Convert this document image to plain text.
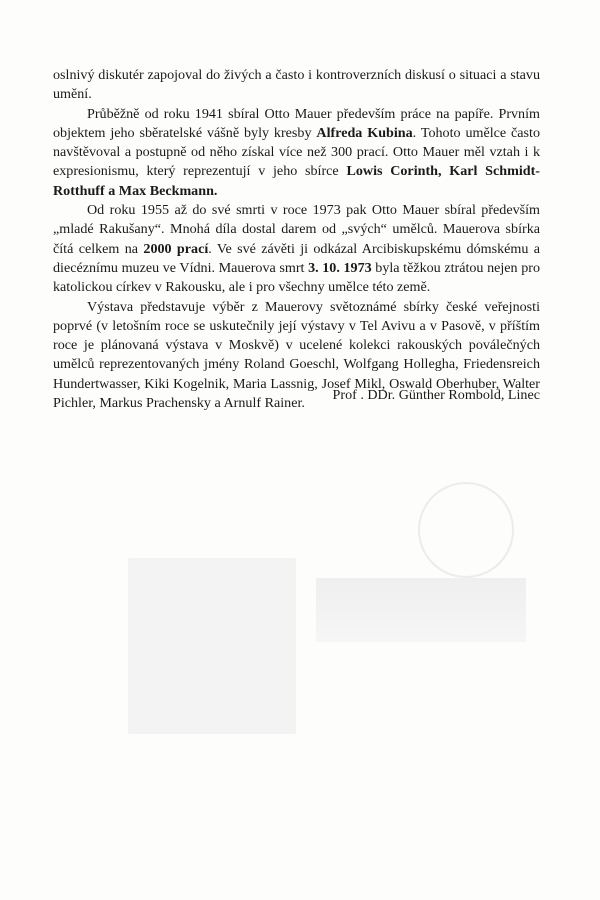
oslnivý diskutér zapojoval do živých a často i kontroverzních diskusí o situaci a stavu umění.

Průběžně od roku 1941 sbíral Otto Mauer především práce na papíře. Prvním objektem jeho sběratelské vášně byly kresby Alfreda Kubina. Tohoto umělce často navštěvoval a postupně od něho získal více než 300 prací. Otto Mauer měl vztah i k expresionismu, který reprezentují v jeho sbírce Lowis Corinth, Karl Schmidt-Rotthuff a Max Beckmann.

Od roku 1955 až do své smrti v roce 1973 pak Otto Mauer sbíral především „mladé Rakušany“. Mnohá díla dostal darem od „svých“ umělců. Mauerova sbírka čítá celkem na 2000 prací. Ve své závěti ji odkázal Arcibiskupskému dómskému a diecéznímu muzeu ve Vídni. Mauerova smrt 3. 10. 1973 byla těžkou ztrátou nejen pro katolickou církev v Rakousku, ale i pro všechny umělce této země.

Výstava představuje výběr z Mauerovy světoznámé sbírky české veřejnosti poprvé (v letošním roce se uskutečnily její výstavy v Tel Avivu a v Pasově, v příštím roce je plánovaná výstava v Moskvě) v ucelené kolekci rakouských poválečných umělců reprezentovaných jmény Roland Goeschl, Wolfgang Hollegha, Friedensreich Hundertwasser, Kiki Kogelnik, Maria Lassnig, Josef Mikl, Oswald Oberhuber, Walter Pichler, Markus Prachensky a Arnulf Rainer.

Prof . DDr. Günther Rombold, Linec
